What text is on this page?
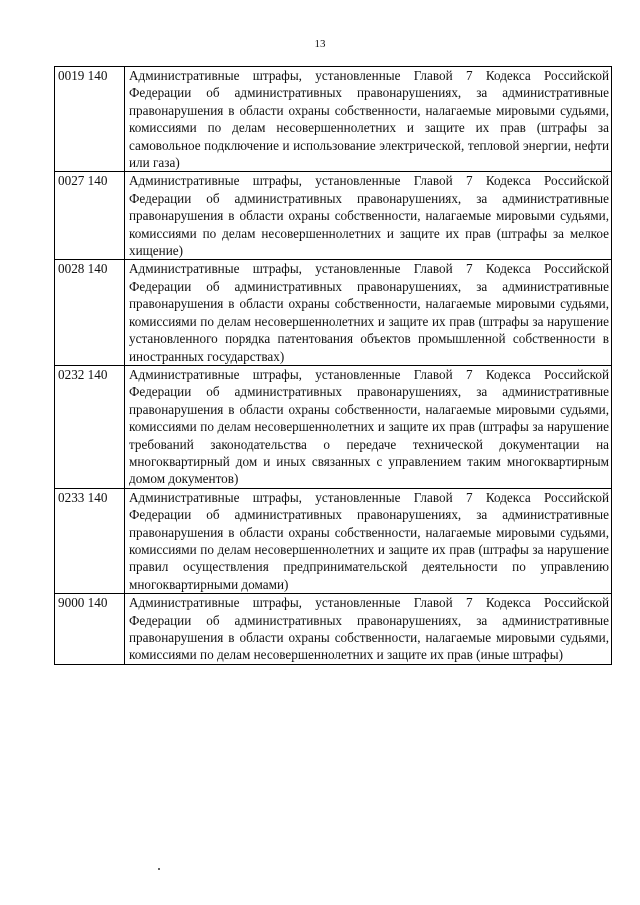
13
0019 140	Административные штрафы, установленные Главой 7 Кодекса Российской Федерации об административных правонарушениях, за административные правонарушения в области охраны собственности, налагаемые мировыми судьями, комиссиями по делам несовершеннолетних и защите их прав (штрафы за самовольное подключение и использование электрической, тепловой энергии, нефти или газа)
0027 140	Административные штрафы, установленные Главой 7 Кодекса Российской Федерации об административных правонарушениях, за административные правонарушения в области охраны собственности, налагаемые мировыми судьями, комиссиями по делам несовершеннолетних и защите их прав (штрафы за мелкое хищение)
0028 140	Административные штрафы, установленные Главой 7 Кодекса Российской Федерации об административных правонарушениях, за административные правонарушения в области охраны собственности, налагаемые мировыми судьями, комиссиями по делам несовершеннолетних и защите их прав (штрафы за нарушение установленного порядка патентования объектов промышленной собственности в иностранных государствах)
0232 140	Административные штрафы, установленные Главой 7 Кодекса Российской Федерации об административных правонарушениях, за административные правонарушения в области охраны собственности, налагаемые мировыми судьями, комиссиями по делам несовершеннолетних и защите их прав (штрафы за нарушение требований законодательства о передаче технической документации на многоквартирный дом и иных связанных с управлением таким многоквартирным домом документов)
0233 140	Административные штрафы, установленные Главой 7 Кодекса Российской Федерации об административных правонарушениях, за административные правонарушения в области охраны собственности, налагаемые мировыми судьями, комиссиями по делам несовершеннолетних и защите их прав (штрафы за нарушение правил осуществления предпринимательской деятельности по управлению многоквартирными домами)
9000 140	Административные штрафы, установленные Главой 7 Кодекса Российской Федерации об административных правонарушениях, за административные правонарушения в области охраны собственности, налагаемые мировыми судьями, комиссиями по делам несовершеннолетних и защите их прав (иные штрафы)
